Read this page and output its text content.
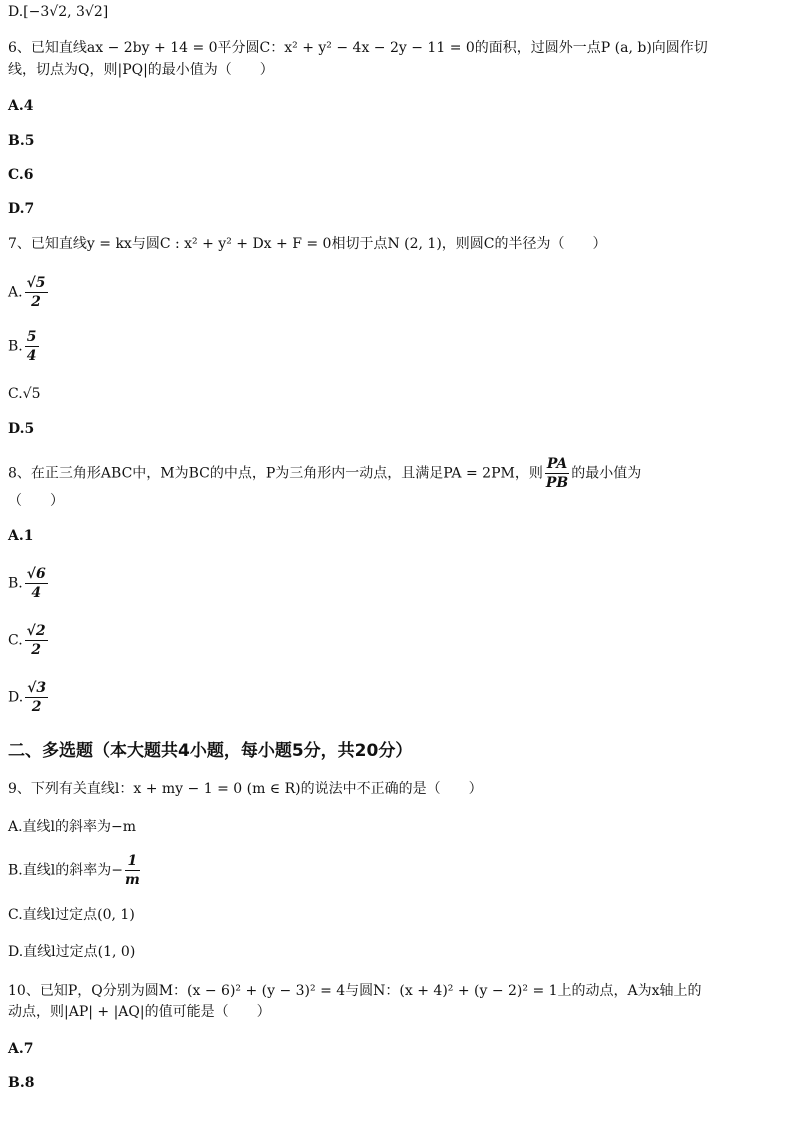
D.[−3√2, 3√2]
6、已知直线ax − 2by + 14 = 0平分圆C：x² + y² − 4x − 2y − 11 = 0的面积，过圆外一点P (a, b)向圆作切
线，切点为Q，则|PQ|的最小值为（　　）
A.4
B.5
C.6
D.7
7、已知直线y = kx与圆C : x² + y² + Dx + F = 0相切于点N (2, 1)，则圆C的半径为（　　）
A. $\frac{√5}{2}$
B. $\frac{5}{4}$
C.√5
D.5
8、在正三角形ABC中，M为BC的中点，P为三角形内一动点，且满足PA = 2PM，则 $\frac{PA}{PB}$ 的最小值为
（　　）
A.1
B. $\frac{√6}{4}$
C. $\frac{√2}{2}$
D. $\frac{√3}{2}$
二、多选题（本大题共4小题，每小题5分，共20分）
9、下列有关直线l：x + my − 1 = 0 (m ∈ R)的说法中不正确的是（　　）
A.直线l的斜率为−m
B.直线l的斜率为− $\frac{1}{m}$
C.直线l过定点(0, 1)
D.直线l过定点(1, 0)
10、已知P，Q分别为圆M：(x − 6)² + (y − 3)² = 4与圆N：(x + 4)² + (y − 2)² = 1上的动点，A为x轴上的
动点，则|AP| + |AQ|的值可能是（　　）
A.7
B.8
